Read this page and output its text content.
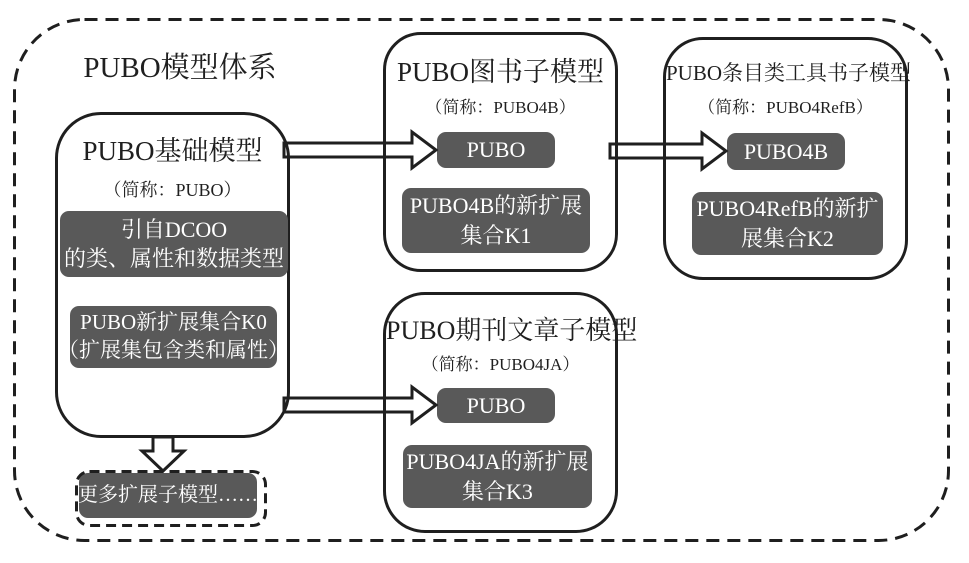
PUBO模型体系
PUBO基础模型
（简称：PUBO）
引自DCOO
的类、属性和数据类型
PUBO新扩展集合K0
（扩展集包含类和属性）
PUBO图书子模型
（简称：PUBO4B）
PUBO
PUBO4B的新扩展
集合K1
PUBO条目类工具书子模型
（简称：PUBO4RefB）
PUBO4B
PUBO4RefB的新扩
展集合K2
PUBO期刊文章子模型
（简称：PUBO4JA）
PUBO
PUBO4JA的新扩展
集合K3
更多扩展子模型……
